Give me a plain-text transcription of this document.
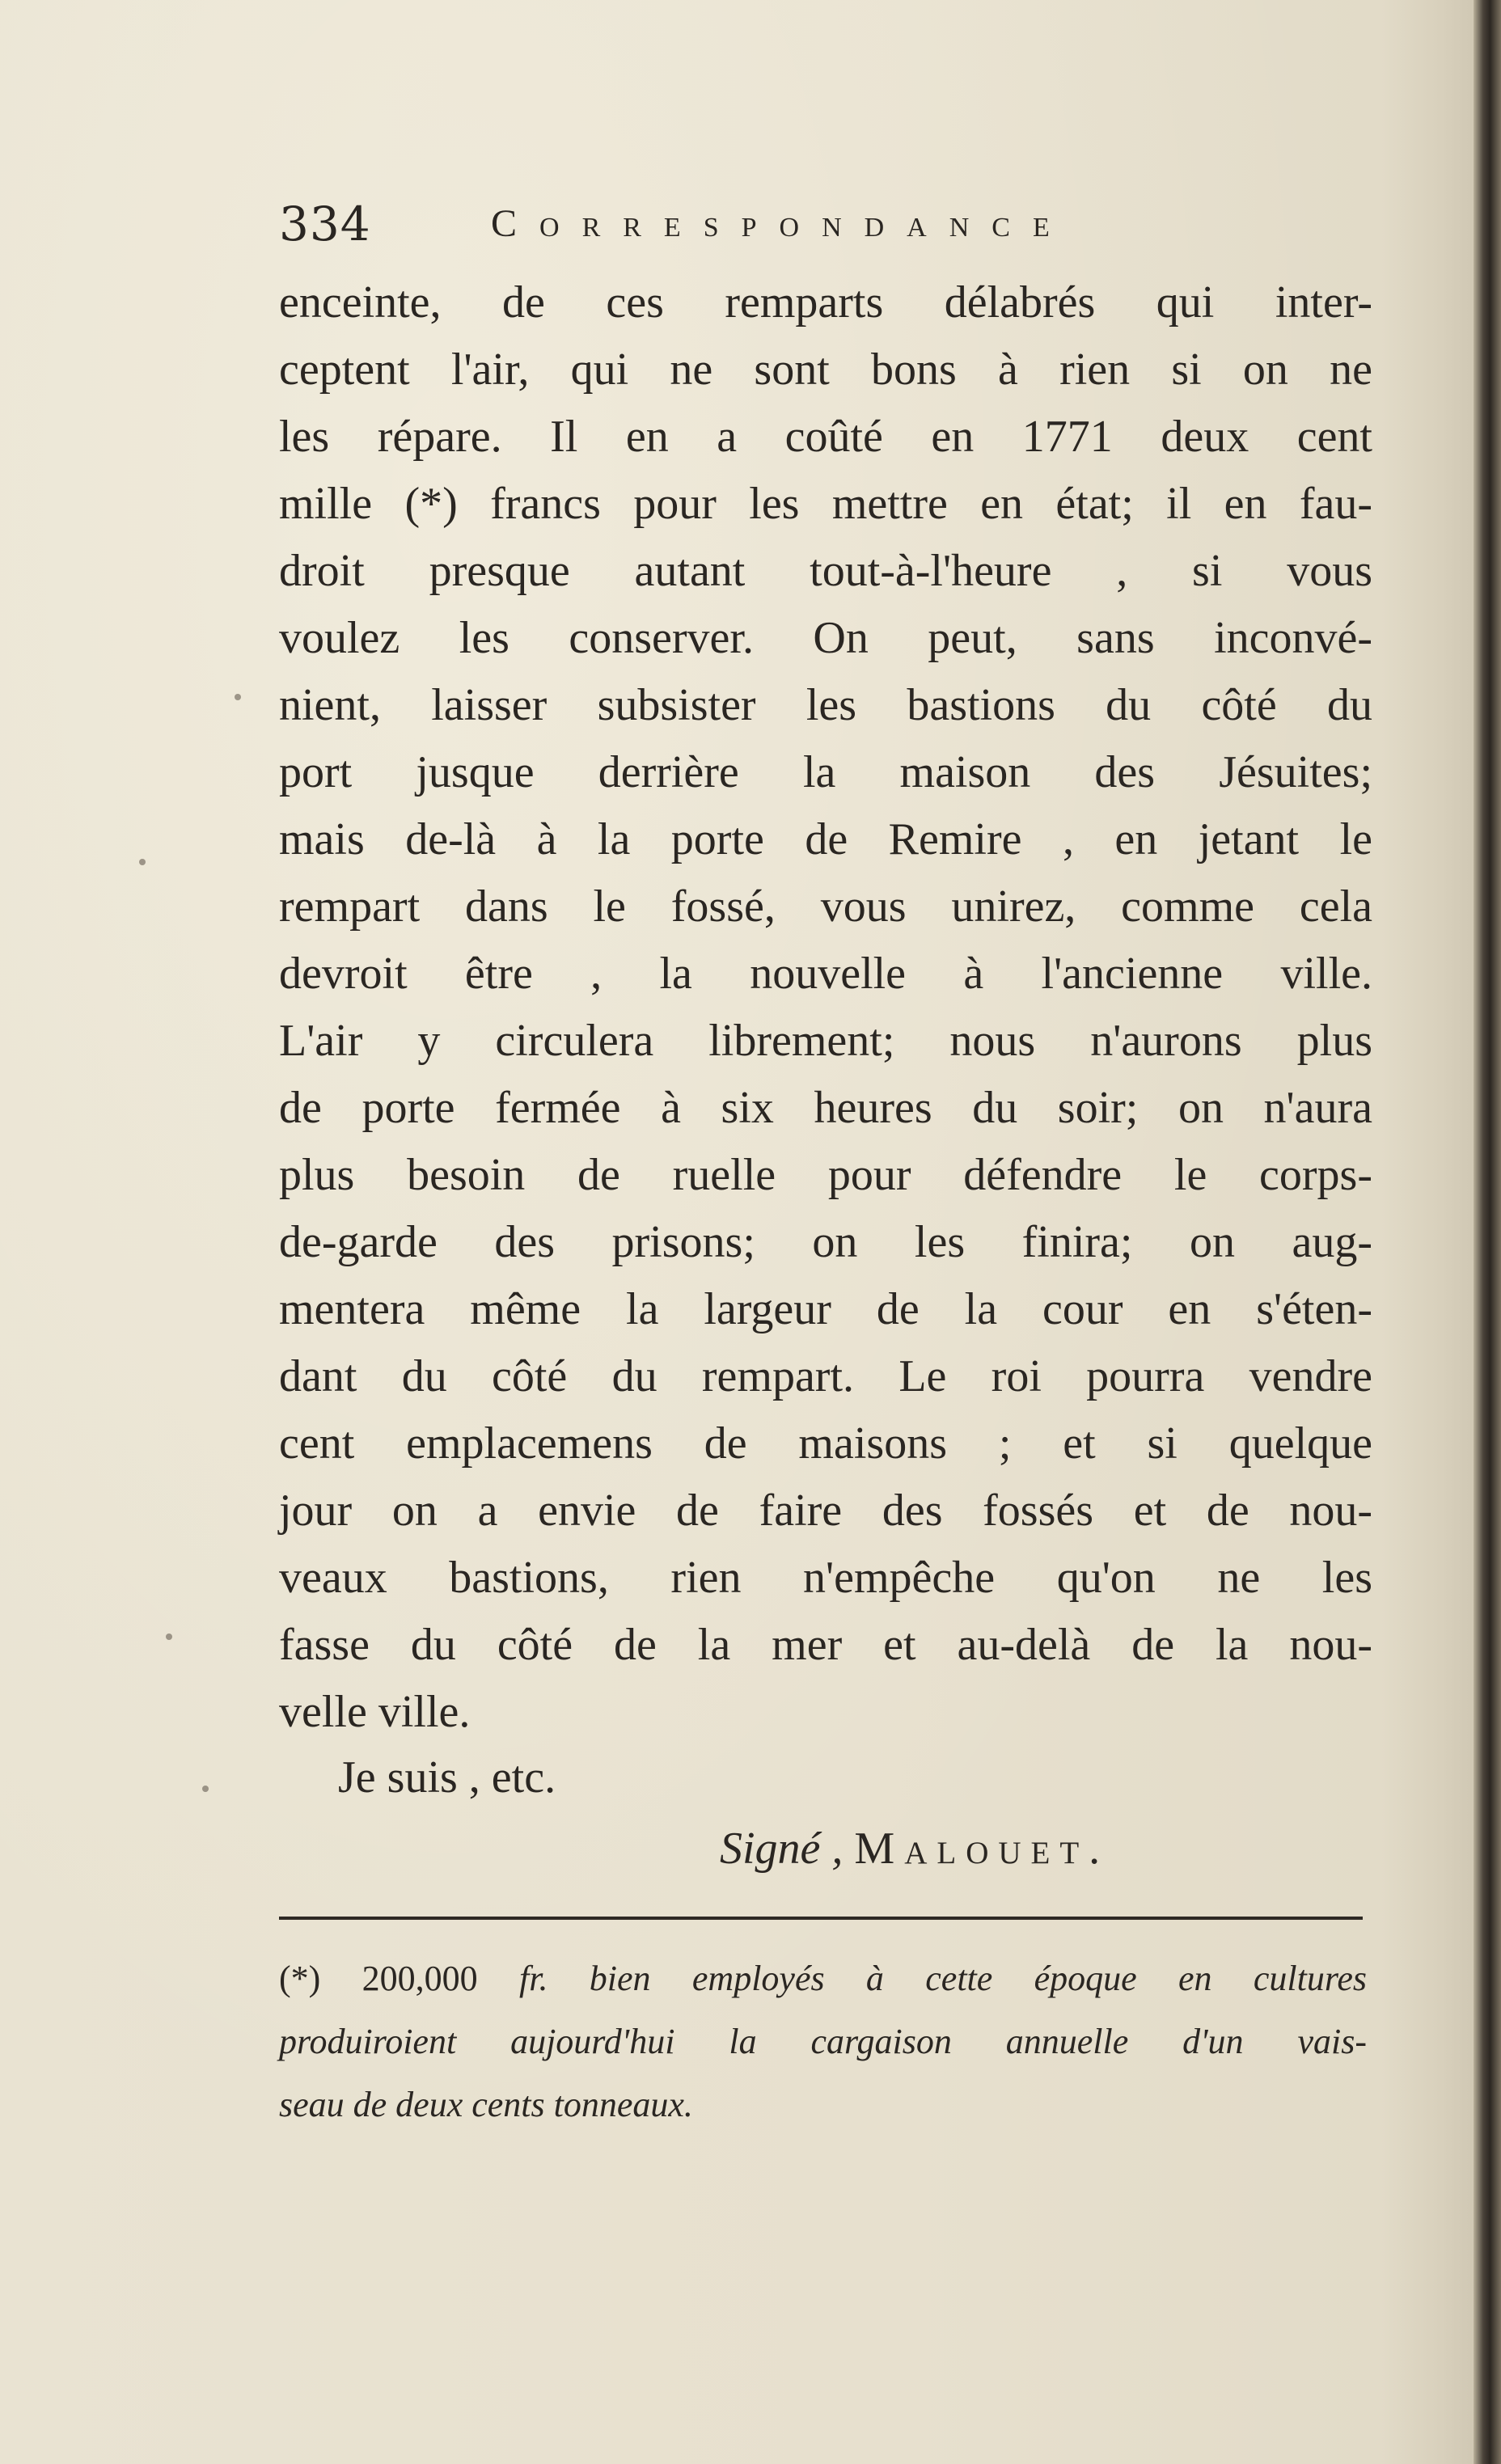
334	Correspondance
enceinte, de ces remparts délabrés qui inter-
ceptent l'air, qui ne sont bons à rien si on ne
les répare. Il en a coûté en 1771 deux cent
mille (*) francs pour les mettre en état; il en fau-
droit presque autant tout-à-l'heure , si vous
voulez les conserver. On peut, sans inconvé-
nient, laisser subsister les bastions du côté du
port jusque derrière la maison des Jésuites;
mais de-là à la porte de Remire , en jetant le
rempart dans le fossé, vous unirez, comme cela
devroit être , la nouvelle à l'ancienne ville.
L'air y circulera librement; nous n'aurons plus
de porte fermée à six heures du soir; on n'aura
plus besoin de ruelle pour défendre le corps-
de-garde des prisons; on les finira; on aug-
mentera même la largeur de la cour en s'éten-
dant du côté du rempart. Le roi pourra vendre
cent emplacemens de maisons ; et si quelque
jour on a envie de faire des fossés et de nou-
veaux bastions, rien n'empêche qu'on ne les
fasse du côté de la mer et au-delà de la nou-
velle ville.
Je suis , etc.
Signé , Malouet.
(*) 200,000 fr. bien employés à cette époque en cultures
produiroient aujourd'hui la cargaison annuelle d'un vais-
seau de deux cents tonneaux.
